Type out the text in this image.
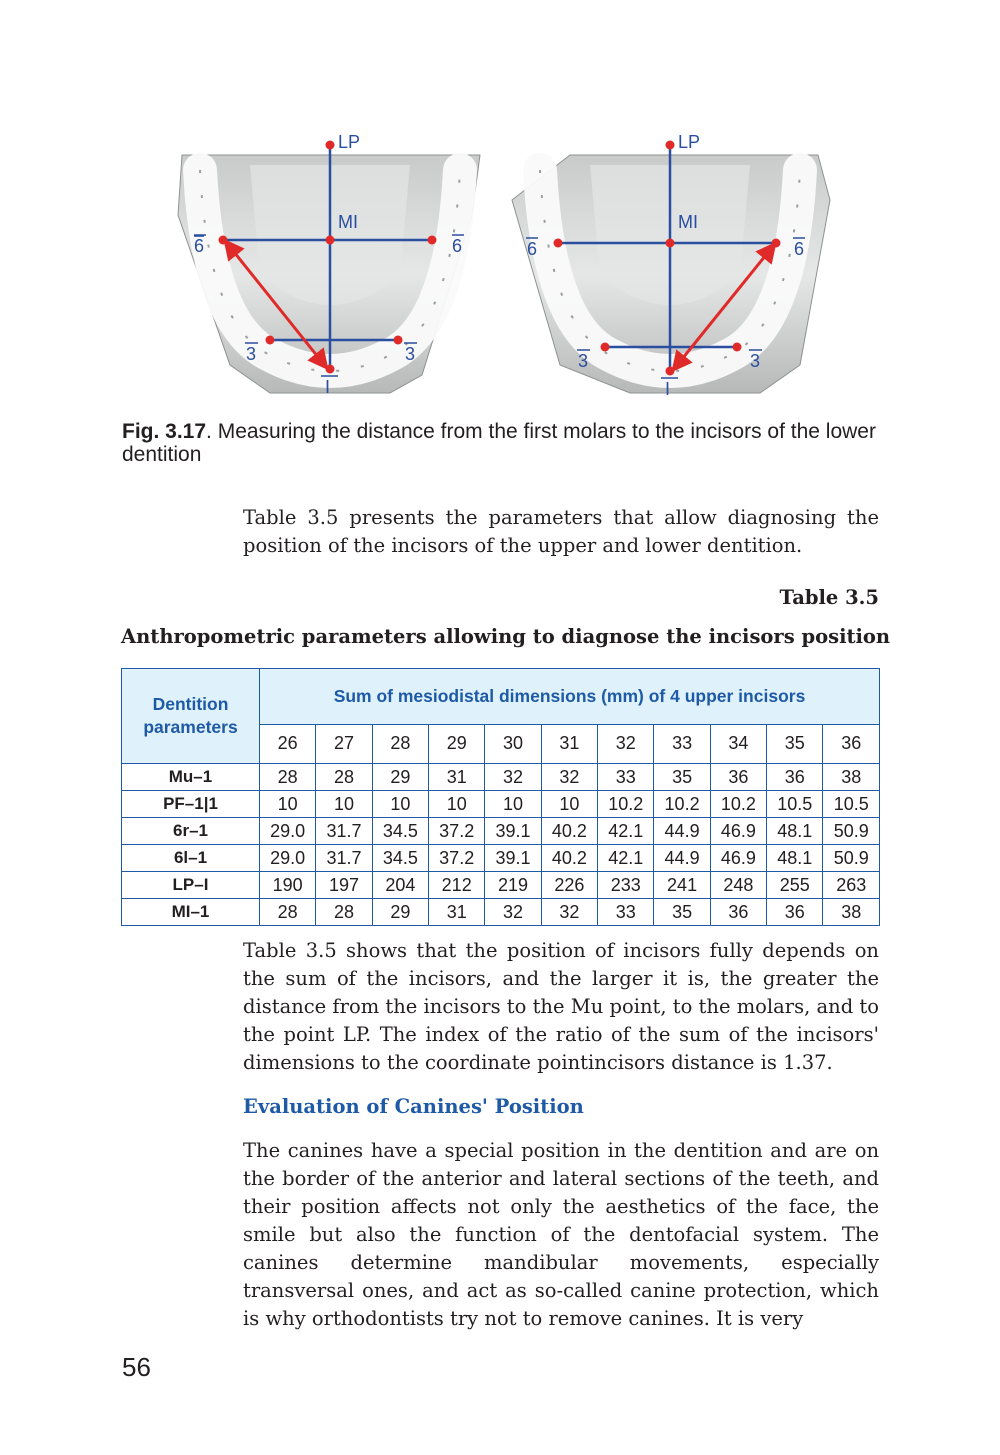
LP
MI
6	6
3	3
I
LP
MI
6	6
3	3
I
Fig. 3.17. Measuring the distance from the first molars to the incisors of the lower dentition

Table 3.5 presents the parameters that allow diagnosing the position of the incisors of the upper and lower dentition.

Table 3.5
Anthropometric parameters allowing to diagnose the incisors position
Dentition parameters	Sum of mesiodistal dimensions (mm) of 4 upper incisors										
	26	27	28	29	30	31	32	33	34	35	36
Mu–1	28	28	29	31	32	32	33	35	36	36	38
PF–1|1	10	10	10	10	10	10	10.2	10.2	10.2	10.5	10.5
6r–1	29.0	31.7	34.5	37.2	39.1	40.2	42.1	44.9	46.9	48.1	50.9
6l–1	29.0	31.7	34.5	37.2	39.1	40.2	42.1	44.9	46.9	48.1	50.9
LP–I	190	197	204	212	219	226	233	241	248	255	263
MI–1	28	28	29	31	32	32	33	35	36	36	38

Table 3.5 shows that the position of incisors fully depends on the sum of the incisors, and the larger it is, the greater the distance from the incisors to the Mu point, to the molars, and to the point LP. The index of the ratio of the sum of the incisors' dimensions to the coordinate pointincisors distance is 1.37.

Evaluation of Canines' Position

The canines have a special position in the dentition and are on the border of the anterior and lateral sections of the teeth, and their position affects not only the aesthetics of the face, the smile but also the function of the dentofacial system. The canines determine mandibular movements, especially transversal ones, and act as so-called canine protection, which is why orthodontists try not to remove canines. It is very

56
